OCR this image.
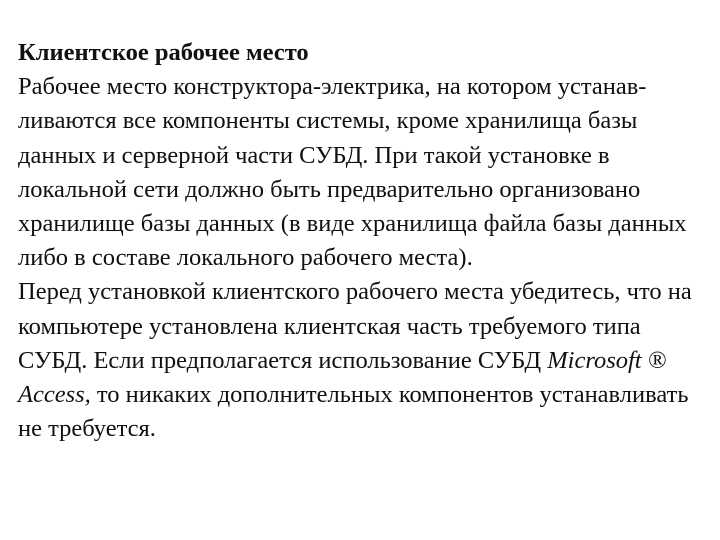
Клиентское рабочее место
Рабочее место конструктора-электрика, на котором устанав-ливаются все компоненты системы, кроме хранилища базы данных и серверной части СУБД. При такой установке в локальной сети должно быть предварительно организовано хранилище базы данных (в виде хранилища файла базы данных либо в составе локального рабочего места).
Перед установкой клиентского рабочего места убедитесь, что на компьютере установлена клиентская часть требуемого типа СУБД. Если предполагается использование СУБД Microsoft ® Access, то никаких дополнительных компонентов устанавливать не требуется.
